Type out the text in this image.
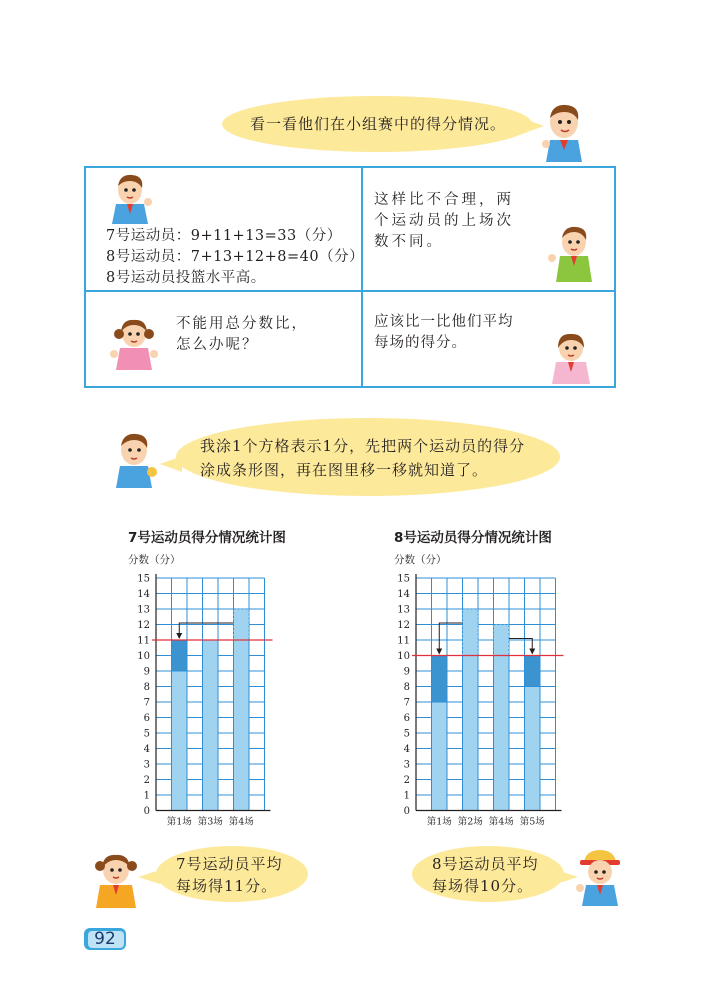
看一看他们在小组赛中的得分情况。
7号运动员：9+11+13=33（分）
8号运动员：7+13+12+8=40（分）
8号运动员投篮水平高。
这样比不合理，两
个运动员的上场次
数不同。
不能用总分数比，
怎么办呢？
应该比一比他们平均
每场的得分。
我涂1个方格表示1分，先把两个运动员的得分
涂成条形图，再在图里移一移就知道了。
7号运动员得分情况统计图
分数（分）
0
1
2
3
4
5
6
7
8
9
10
11
12
13
14
15
第1场 第3场 第4场
8号运动员得分情况统计图
分数（分）
0
1
2
3
4
5
6
7
8
9
10
11
12
13
14
15
第1场 第2场 第4场 第5场
7号运动员平均
每场得11分。
8号运动员平均
每场得10分。
92
